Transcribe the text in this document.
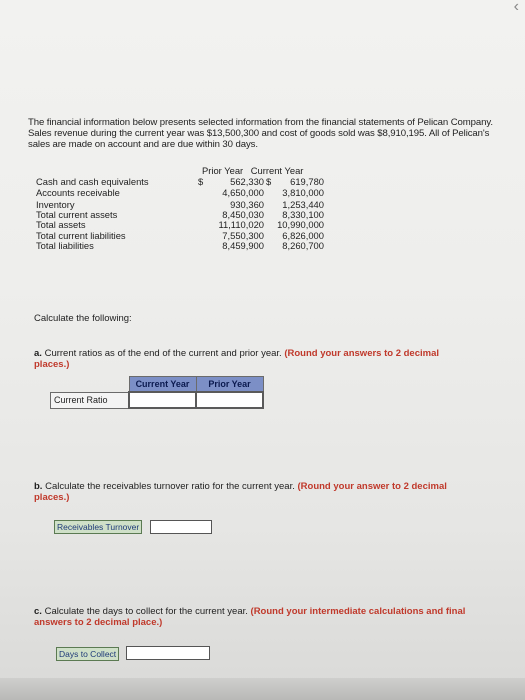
‹
The financial information below presents selected information from the financial statements of Pelican Company. Sales revenue during the current year was $13,500,300 and cost of goods sold was $8,910,195. All of Pelican's sales are made on account and are due within 30 days.
Prior Year Current Year
Cash and cash equivalents	$	562,330	619,780
$
Accounts receivable	4,650,000	3,810,000
Inventory	930,360	1,253,440
Total current assets	8,450,030	8,330,100
Total assets	11,110,020	10,990,000
Total current liabilities	7,550,300	6,826,000
Total liabilities	8,459,900	8,260,700
Calculate the following:
a. Current ratios as of the end of the current and prior year. (Round your answers to 2 decimal places.)
	Current Year	Prior Year
Current Ratio		
b. Calculate the receivables turnover ratio for the current year. (Round your answer to 2 decimal places.)
Receivables Turnover
c. Calculate the days to collect for the current year. (Round your intermediate calculations and final answers to 2 decimal place.)
Days to Collect
